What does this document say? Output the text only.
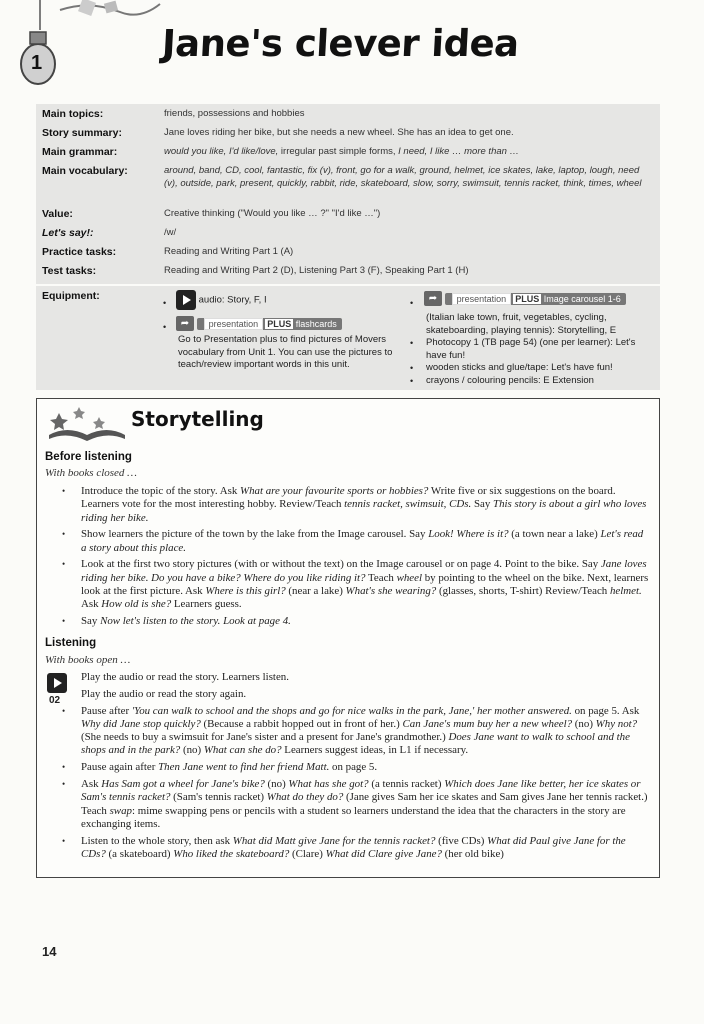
1	Jane's clever idea
Main topics:	friends, possessions and hobbies
Story summary:	Jane loves riding her bike, but she needs a new wheel. She has an idea to get one.
Main grammar:	would you like, I'd like/love, irregular past simple forms, I need, I like … more than …
Main vocabulary:	around, band, CD, cool, fantastic, fix (v), front, go for a walk, ground, helmet, ice skates, lake, laptop, lough, need (v), outside, park, present, quickly, rabbit, ride, skateboard, slow, sorry, swimsuit, tennis racket, think, times, wheel
Value:	Creative thinking ("Would you like … ?" "I'd like …")
Let's say!:	/w/
Practice tasks:	Reading and Writing Part 1 (A)
Test tasks:	Reading and Writing Part 2 (D), Listening Part 3 (F), Speaking Part 1 (H)
Equipment:
•	audio: Story, F, I
•	➦ presentation PLUS flashcards
Go to Presentation plus to find pictures of Movers vocabulary from Unit 1. You can use the pictures to teach/review important words in this unit.
•	➦ presentation PLUS Image carousel 1-6
(Italian lake town, fruit, vegetables, cycling, skateboarding, playing tennis): Storytelling, E
• Photocopy 1 (TB page 54) (one per learner): Let's have fun!
• wooden sticks and glue/tape: Let's have fun!
• crayons / colouring pencils: E Extension
Storytelling
Before listening
With books closed …
• Introduce the topic of the story. Ask What are your favourite sports or hobbies? Write five or six suggestions on the board. Learners vote for the most interesting hobby. Review/Teach tennis racket, swimsuit, CDs. Say This story is about a girl who loves riding her bike.
• Show learners the picture of the town by the lake from the Image carousel. Say Look! Where is it? (a town near a lake) Let's read a story about this place.
• Look at the first two story pictures (with or without the text) on the Image carousel or on page 4. Point to the bike. Say Jane loves riding her bike. Do you have a bike? Where do you like riding it? Teach wheel by pointing to the wheel on the bike. Next, learners look at the first picture. Ask Where is this girl? (near a lake) What's she wearing? (glasses, shorts, T-shirt) Review/Teach helmet. Ask How old is she? Learners guess.
• Say Now let's listen to the story. Look at page 4.
Listening
With books open …
02
Play the audio or read the story. Learners listen.
Play the audio or read the story again.
• Pause after 'You can walk to school and the shops and go for nice walks in the park, Jane,' her mother answered. on page 5. Ask Why did Jane stop quickly? (Because a rabbit hopped out in front of her.) Can Jane's mum buy her a new wheel? (no) Why not? (She needs to buy a swimsuit for Jane's sister and a present for Jane's grandmother.) Does Jane want to walk to school and the shops and in the park? (no) What can she do? Learners suggest ideas, in L1 if necessary.
• Pause again after Then Jane went to find her friend Matt. on page 5.
• Ask Has Sam got a wheel for Jane's bike? (no) What has she got? (a tennis racket) Which does Jane like better, her ice skates or Sam's tennis racket? (Sam's tennis racket) What do they do? (Jane gives Sam her ice skates and Sam gives Jane her tennis racket.) Teach swap: mime swapping pens or pencils with a student so learners understand the idea that the characters in the story are exchanging items.
• Listen to the whole story, then ask What did Matt give Jane for the tennis racket? (five CDs) What did Paul give Jane for the CDs? (a skateboard) Who liked the skateboard? (Clare) What did Clare give Jane? (her old bike)
14
